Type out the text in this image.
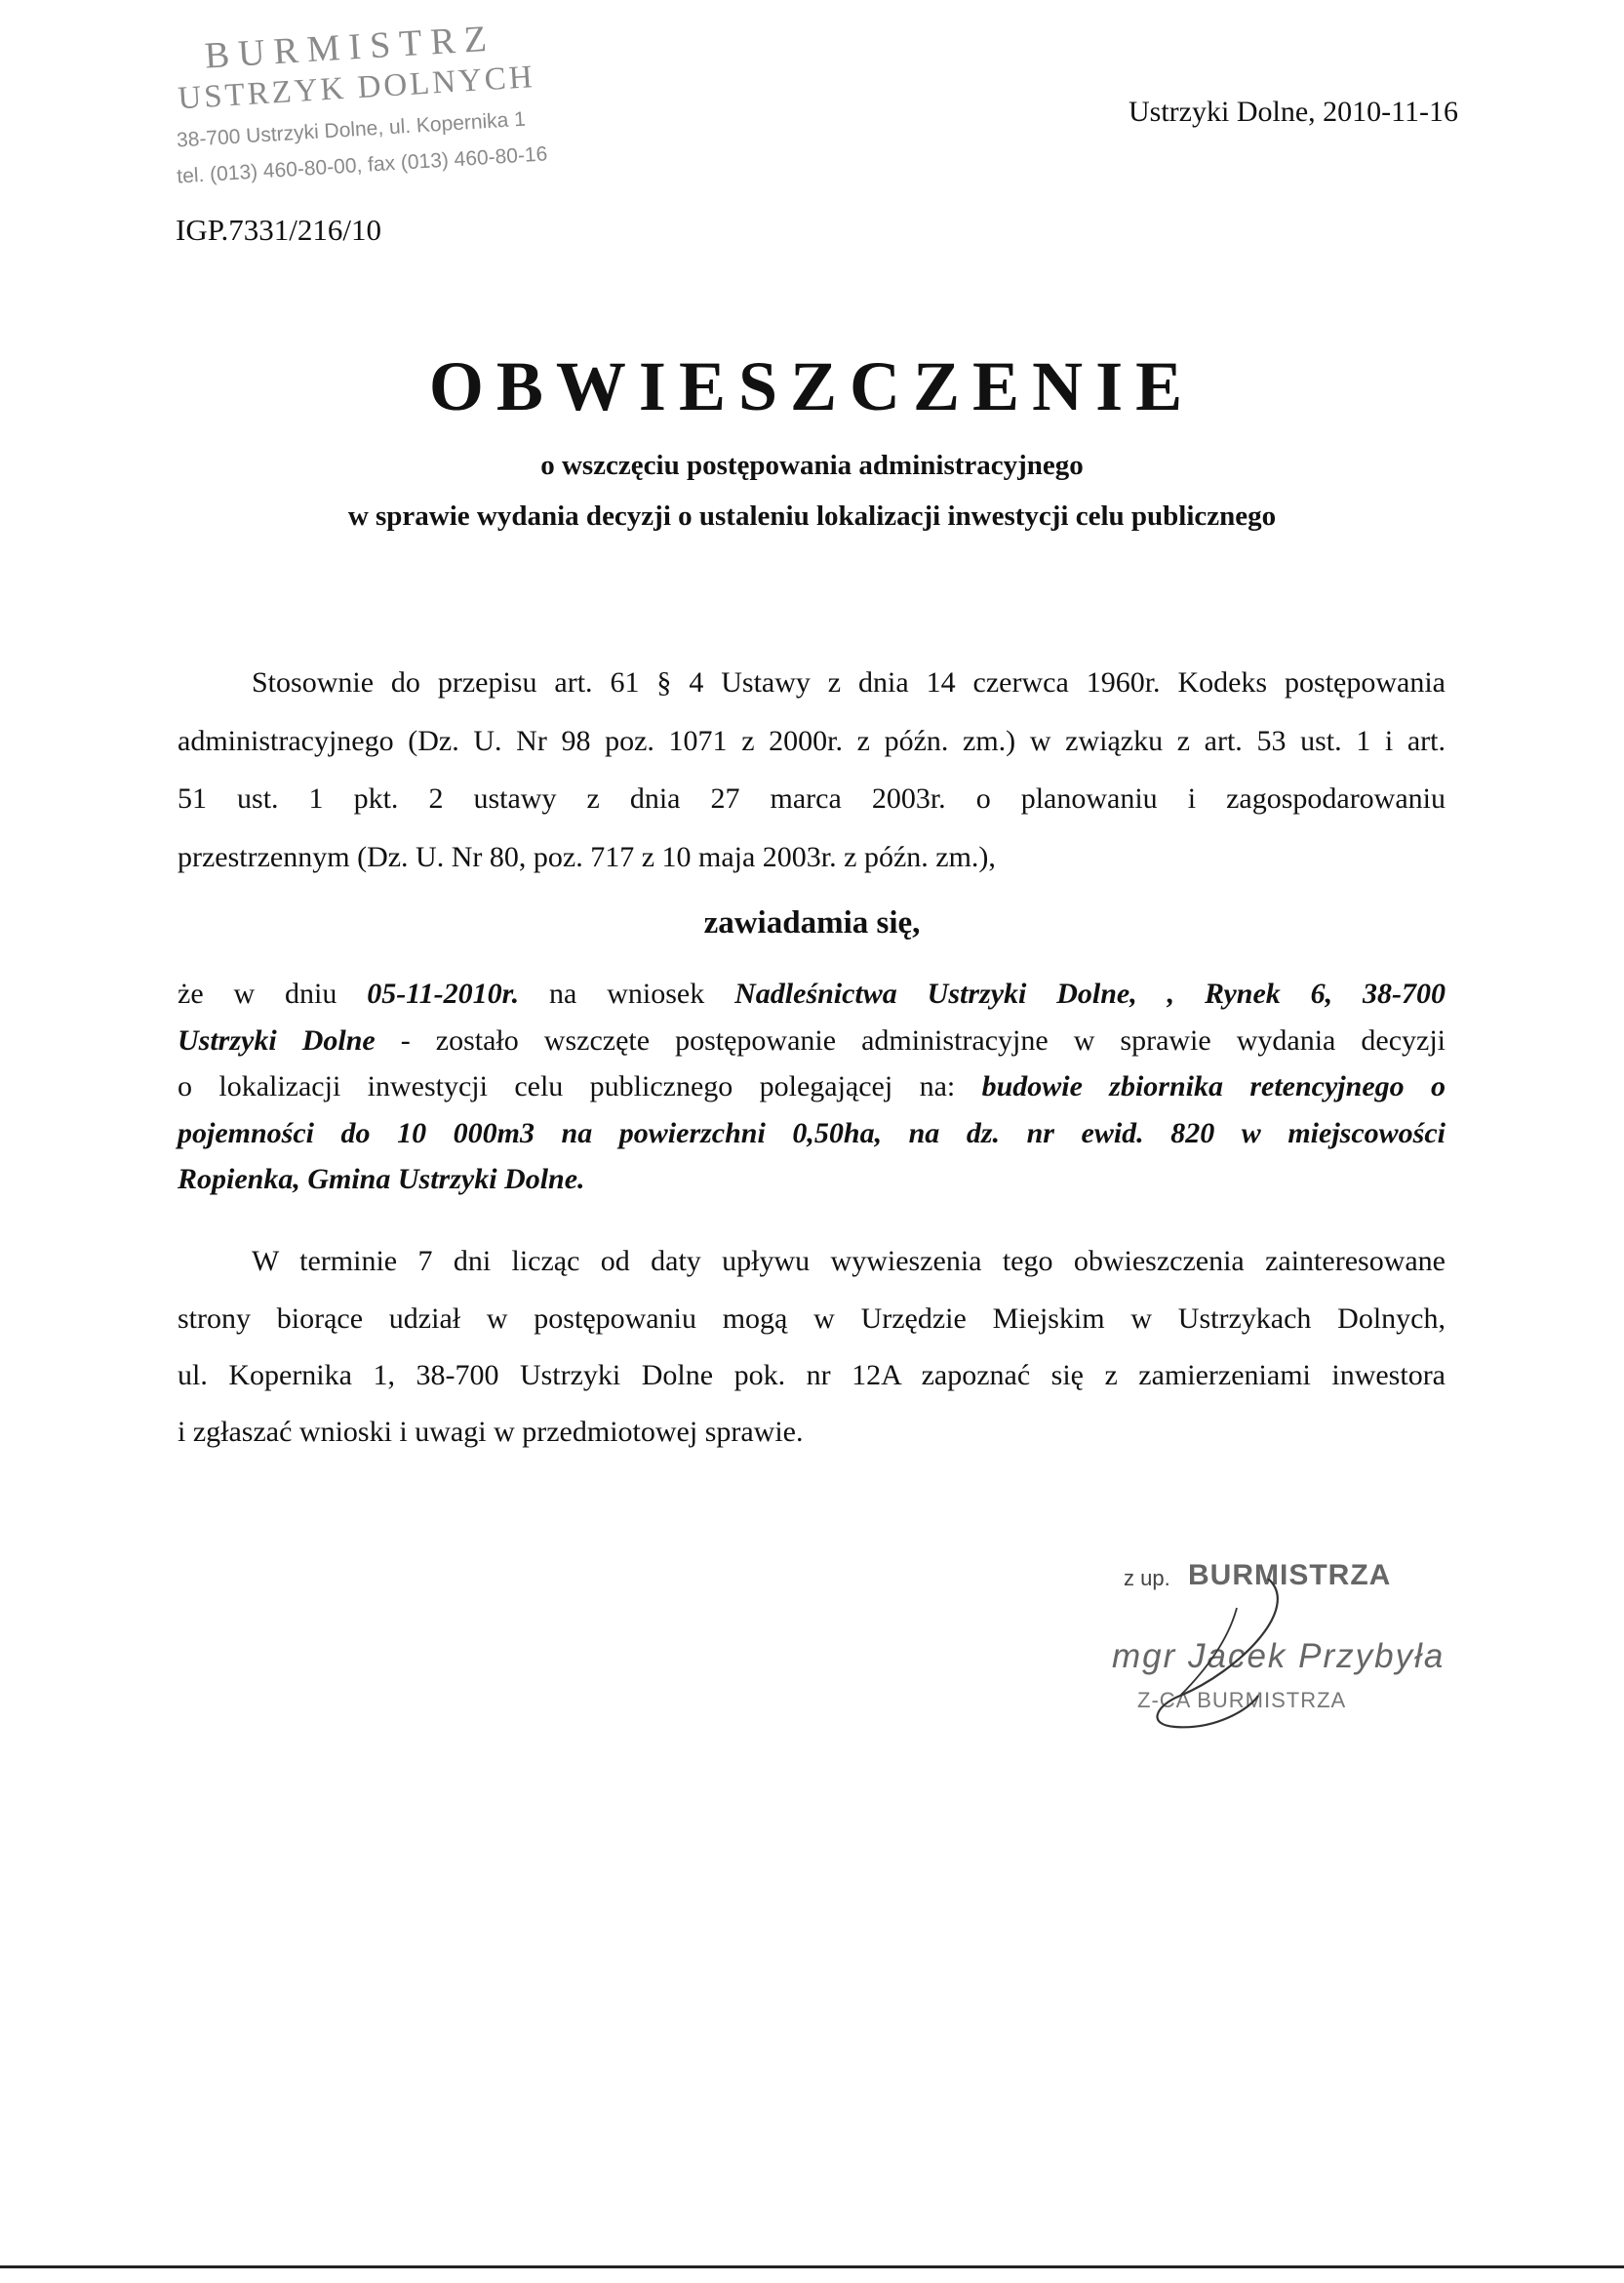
BURMISTRZ
USTRZYK DOLNYCH
38-700 Ustrzyki Dolne, ul. Kopernika 1
tel. (013) 460-80-00, fax (013) 460-80-16
Ustrzyki Dolne, 2010-11-16
IGP.7331/216/10
OBWIESZCZENIE
o wszczęciu postępowania administracyjnego
w sprawie wydania decyzji o ustaleniu lokalizacji inwestycji celu publicznego
Stosownie do przepisu art. 61 § 4 Ustawy z dnia 14 czerwca 1960r. Kodeks postępowania
administracyjnego (Dz. U. Nr 98 poz. 1071 z 2000r. z późn. zm.) w związku z art. 53 ust. 1 i art.
51 ust. 1 pkt. 2 ustawy z dnia 27 marca 2003r. o planowaniu i zagospodarowaniu
przestrzennym (Dz. U. Nr 80, poz. 717 z 10 maja 2003r. z późn. zm.),
zawiadamia się,
że w dniu 05-11-2010r. na wniosek Nadleśnictwa Ustrzyki Dolne, , Rynek 6, 38-700
Ustrzyki Dolne - zostało wszczęte postępowanie administracyjne w sprawie wydania decyzji
o lokalizacji inwestycji celu publicznego polegającej na: budowie zbiornika retencyjnego o
pojemności do 10 000m3 na powierzchni 0,50ha, na dz. nr ewid. 820 w miejscowości
Ropienka, Gmina Ustrzyki Dolne.
W terminie 7 dni licząc od daty upływu wywieszenia tego obwieszczenia zainteresowane
strony biorące udział w postępowaniu mogą w Urzędzie Miejskim w Ustrzykach Dolnych,
ul. Kopernika 1, 38-700 Ustrzyki Dolne pok. nr 12A zapoznać się z zamierzeniami inwestora
i zgłaszać wnioski i uwagi w przedmiotowej sprawie.
z up. BURMISTRZA
mgr Jacek Przybyła
Z-CA BURMISTRZA
